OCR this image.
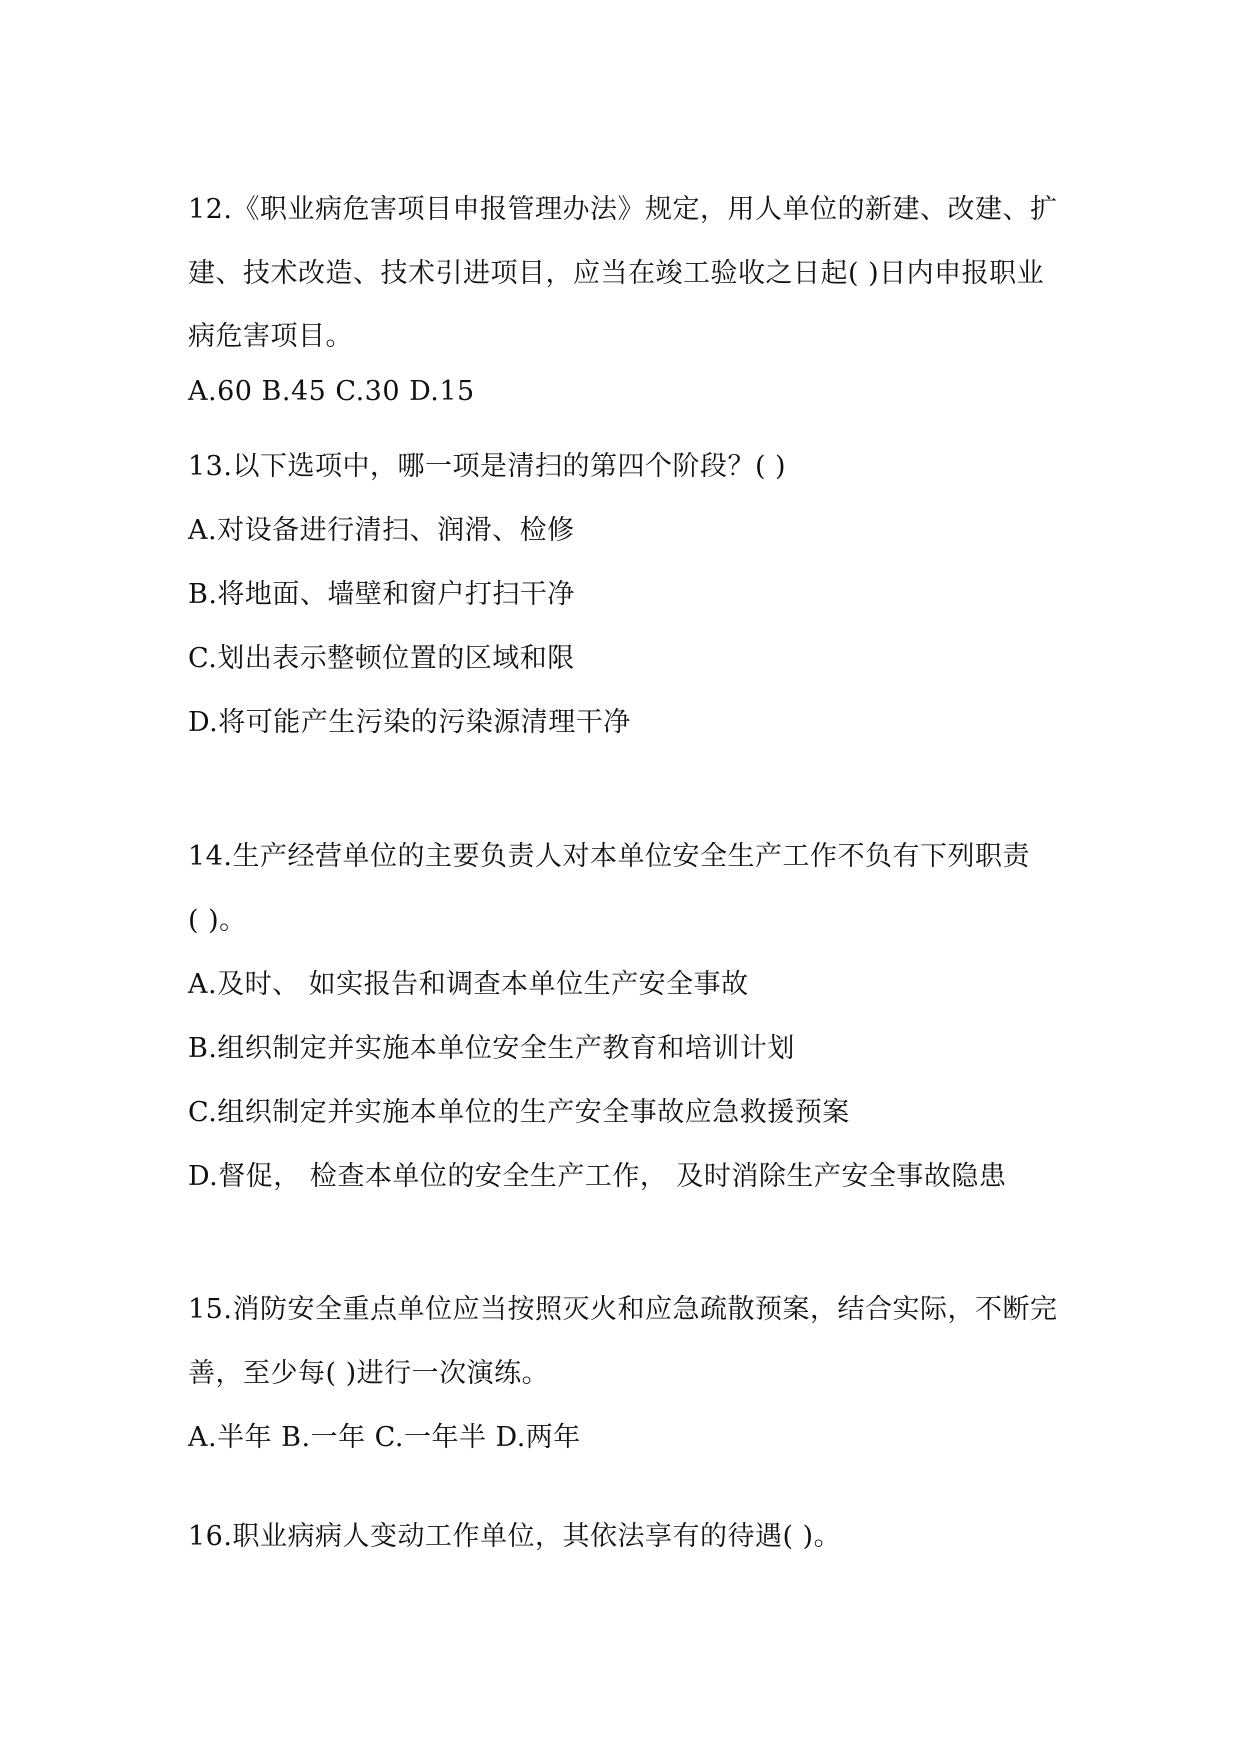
12.《职业病危害项目申报管理办法》规定，用人单位的新建、改建、扩
建、技术改造、技术引进项目，应当在竣工验收之日起( )日内申报职业
病危害项目。
A.60 B.45 C.30 D.15
13.以下选项中，哪一项是清扫的第四个阶段？( )
A.对设备进行清扫、润滑、检修
B.将地面、墙壁和窗户打扫干净
C.划出表示整顿位置的区域和限
D.将可能产生污染的污染源清理干净
14.生产经营单位的主要负责人对本单位安全生产工作不负有下列职责
( )。
A.及时、 如实报告和调查本单位生产安全事故
B.组织制定并实施本单位安全生产教育和培训计划
C.组织制定并实施本单位的生产安全事故应急救援预案
D.督促， 检查本单位的安全生产工作， 及时消除生产安全事故隐患
15.消防安全重点单位应当按照灭火和应急疏散预案，结合实际，不断完
善，至少每( )进行一次演练。
A.半年 B.一年 C.一年半 D.两年
16.职业病病人变动工作单位，其依法享有的待遇( )。
